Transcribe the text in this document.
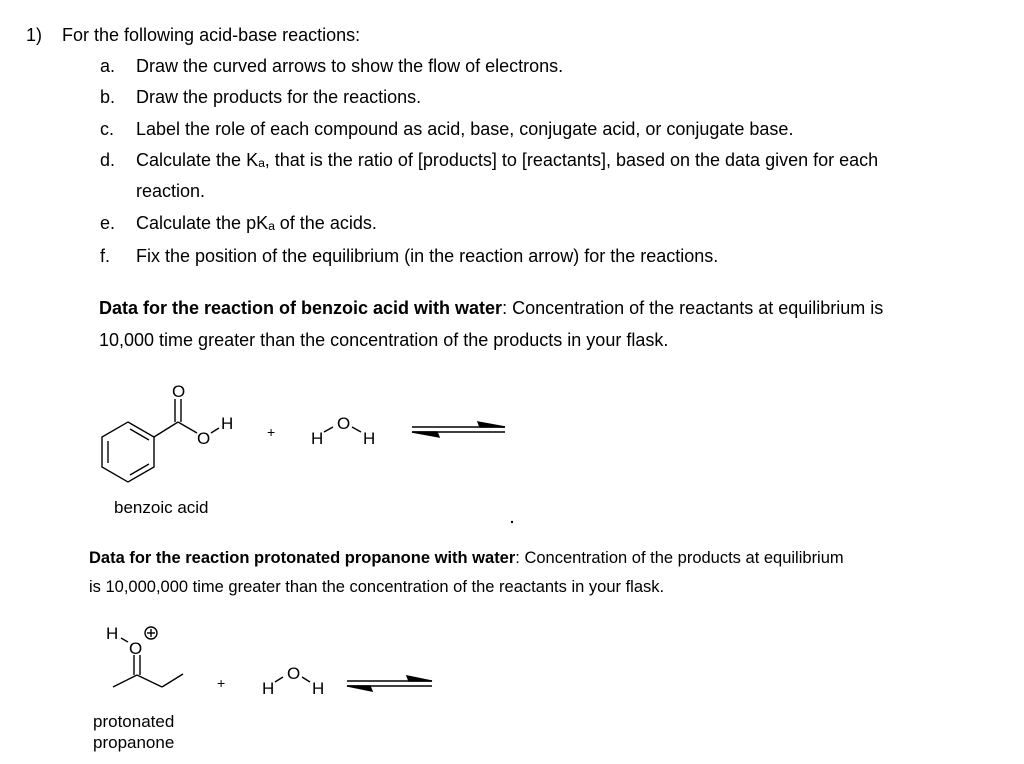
1) For the following acid-base reactions:
a. Draw the curved arrows to show the flow of electrons.
b. Draw the products for the reactions.
c. Label the role of each compound as acid, base, conjugate acid, or conjugate base.
d. Calculate the Kₐ, that is the ratio of [products] to [reactants], based on the data given for each
reaction.
e. Calculate the pKₐ of the acids.
f. Fix the position of the equilibrium (in the reaction arrow) for the reactions.
Data for the reaction of benzoic acid with water: Concentration of the reactants at equilibrium is
10,000 time greater than the concentration of the products in your flask.
Data for the reaction protonated propanone with water: Concentration of the products at equilibrium
is 10,000,000 time greater than the concentration of the reactants in your flask.
O
O
H + H
O
H
benzoic acid
H
O
+ H
O
H
protonated
propanone
